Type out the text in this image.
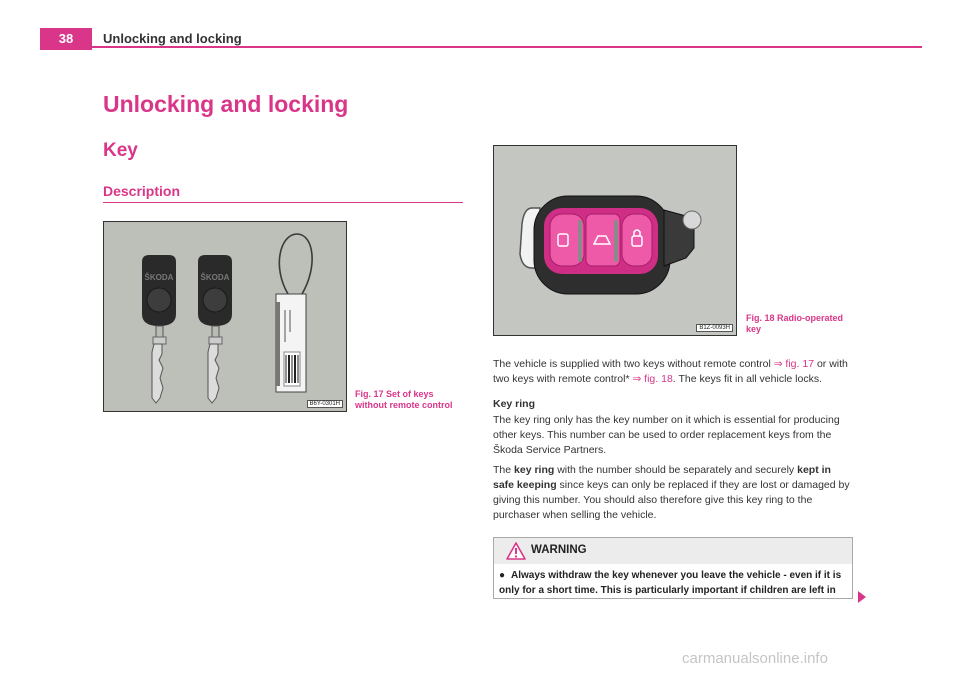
38	Unlocking and locking
Unlocking and locking
Key
Description
ŠKODA	ŠKODA
B6Y-0301H
Fig. 17 Set of keys
without remote control
B1Z-0093H
Fig. 18 Radio-operated
key
The vehicle is supplied with two keys without remote control ⇒ fig. 17 or with two keys with remote control* ⇒ fig. 18. The keys fit in all vehicle locks.
Key ring
The key ring only has the key number on it which is essential for producing other keys. This number can be used to order replacement keys from the Škoda Service Partners.
The key ring with the number should be separately and securely kept in safe keeping since keys can only be replaced if they are lost or damaged by giving this number. You should also therefore give this key ring to the purchaser when selling the vehicle.
WARNING
● Always withdraw the key whenever you leave the vehicle - even if it is only for a short time. This is particularly important if children are left in
carmanualsonline.info
